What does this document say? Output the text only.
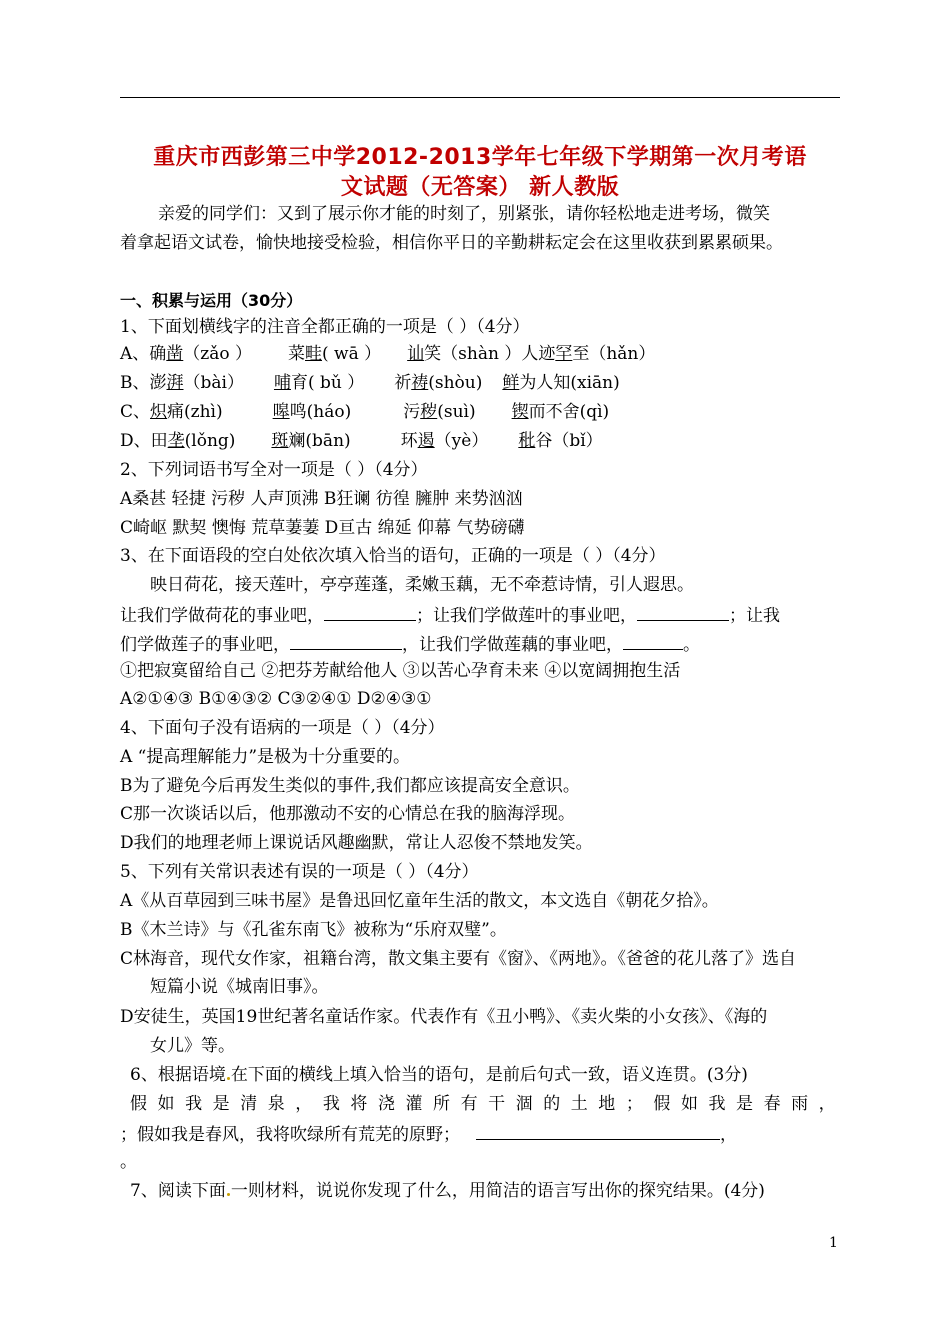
重庆市西彭第三中学2012-2013学年七年级下学期第一次月考语
文试题（无答案） 新人教版
亲爱的同学们：又到了展示你才能的时刻了，别紧张，请你轻松地走进考场，微笑
着拿起语文试卷，愉快地接受检验，相信你平日的辛勤耕耘定会在这里收获到累累硕果。
一、积累与运用（30分）
1、下面划横线字的注音全都正确的一项是（ ）（4分）
A、确凿（zǎo ） 菜畦( wā ） 讪笑（shàn ）人迹罕至（hǎn）
B、澎湃（bài） 哺育( bǔ ） 祈祷(shòu) 鲜为人知(xiān)
C、炽痛(zhì)	嗥鸣(háo)	污秽(suì) 锲而不舍(qì)
D、田垄(lǒng) 斑斓(bān)	环遏（yè） 秕谷（bǐ）
2、下列词语书写全对一项是（ ）（4分）
A桑甚 轻捷 污秽 人声顶沸 B狂谰 彷徨 臃肿 来势汹汹
C崎岖 默契 懊悔 荒草萋萋 D亘古 绵延 仰幕 气势磅礴
3、在下面语段的空白处依次填入恰当的语句，正确的一项是（ ）（4分）
映日荷花，接天莲叶，亭亭莲蓬，柔嫩玉藕，无不牵惹诗情，引人遐思。
让我们学做荷花的事业吧，	；让我们学做莲叶的事业吧，	；让我
们学做莲子的事业吧，	，让我们学做莲藕的事业吧，	。
①把寂寞留给自己 ②把芬芳献给他人 ③以苦心孕育未来 ④以宽阔拥抱生活
A②①④③ B①④③② C③②④① D②④③①
4、下面句子没有语病的一项是（ ）（4分）
A “提高理解能力”是极为十分重要的。
B为了避免今后再发生类似的事件,我们都应该提高安全意识。
C那一次谈话以后，他那激动不安的心情总在我的脑海浮现。
D我们的地理老师上课说话风趣幽默，常让人忍俊不禁地发笑。
5、下列有关常识表述有误的一项是（ ）（4分）
A《从百草园到三味书屋》是鲁迅回忆童年生活的散文，本文选自《朝花夕拾》。
B《木兰诗》与《孔雀东南飞》被称为“乐府双璧”。
C林海音，现代女作家，祖籍台湾，散文集主要有《窗》、《两地》。《爸爸的花儿落了》选自
短篇小说《城南旧事》。
D安徒生，英国19世纪著名童话作家。代表作有《丑小鸭》、《卖火柴的小女孩》、《海的
女儿》等。
6、根据语境 在下面的横线上填入恰当的语句，是前后句式一致，语义连贯。(3分)
假 如 我 是 清 泉 ， 我 将 浇 灌 所 有 干 涸 的 土 地 ； 假 如 我 是 春 雨 ，
；假如我是春风，我将吹绿所有荒芜的原野；	，
。
7、阅读下面 一则材料，说说你发现了什么，用简洁的语言写出你的探究结果。(4分)
1
